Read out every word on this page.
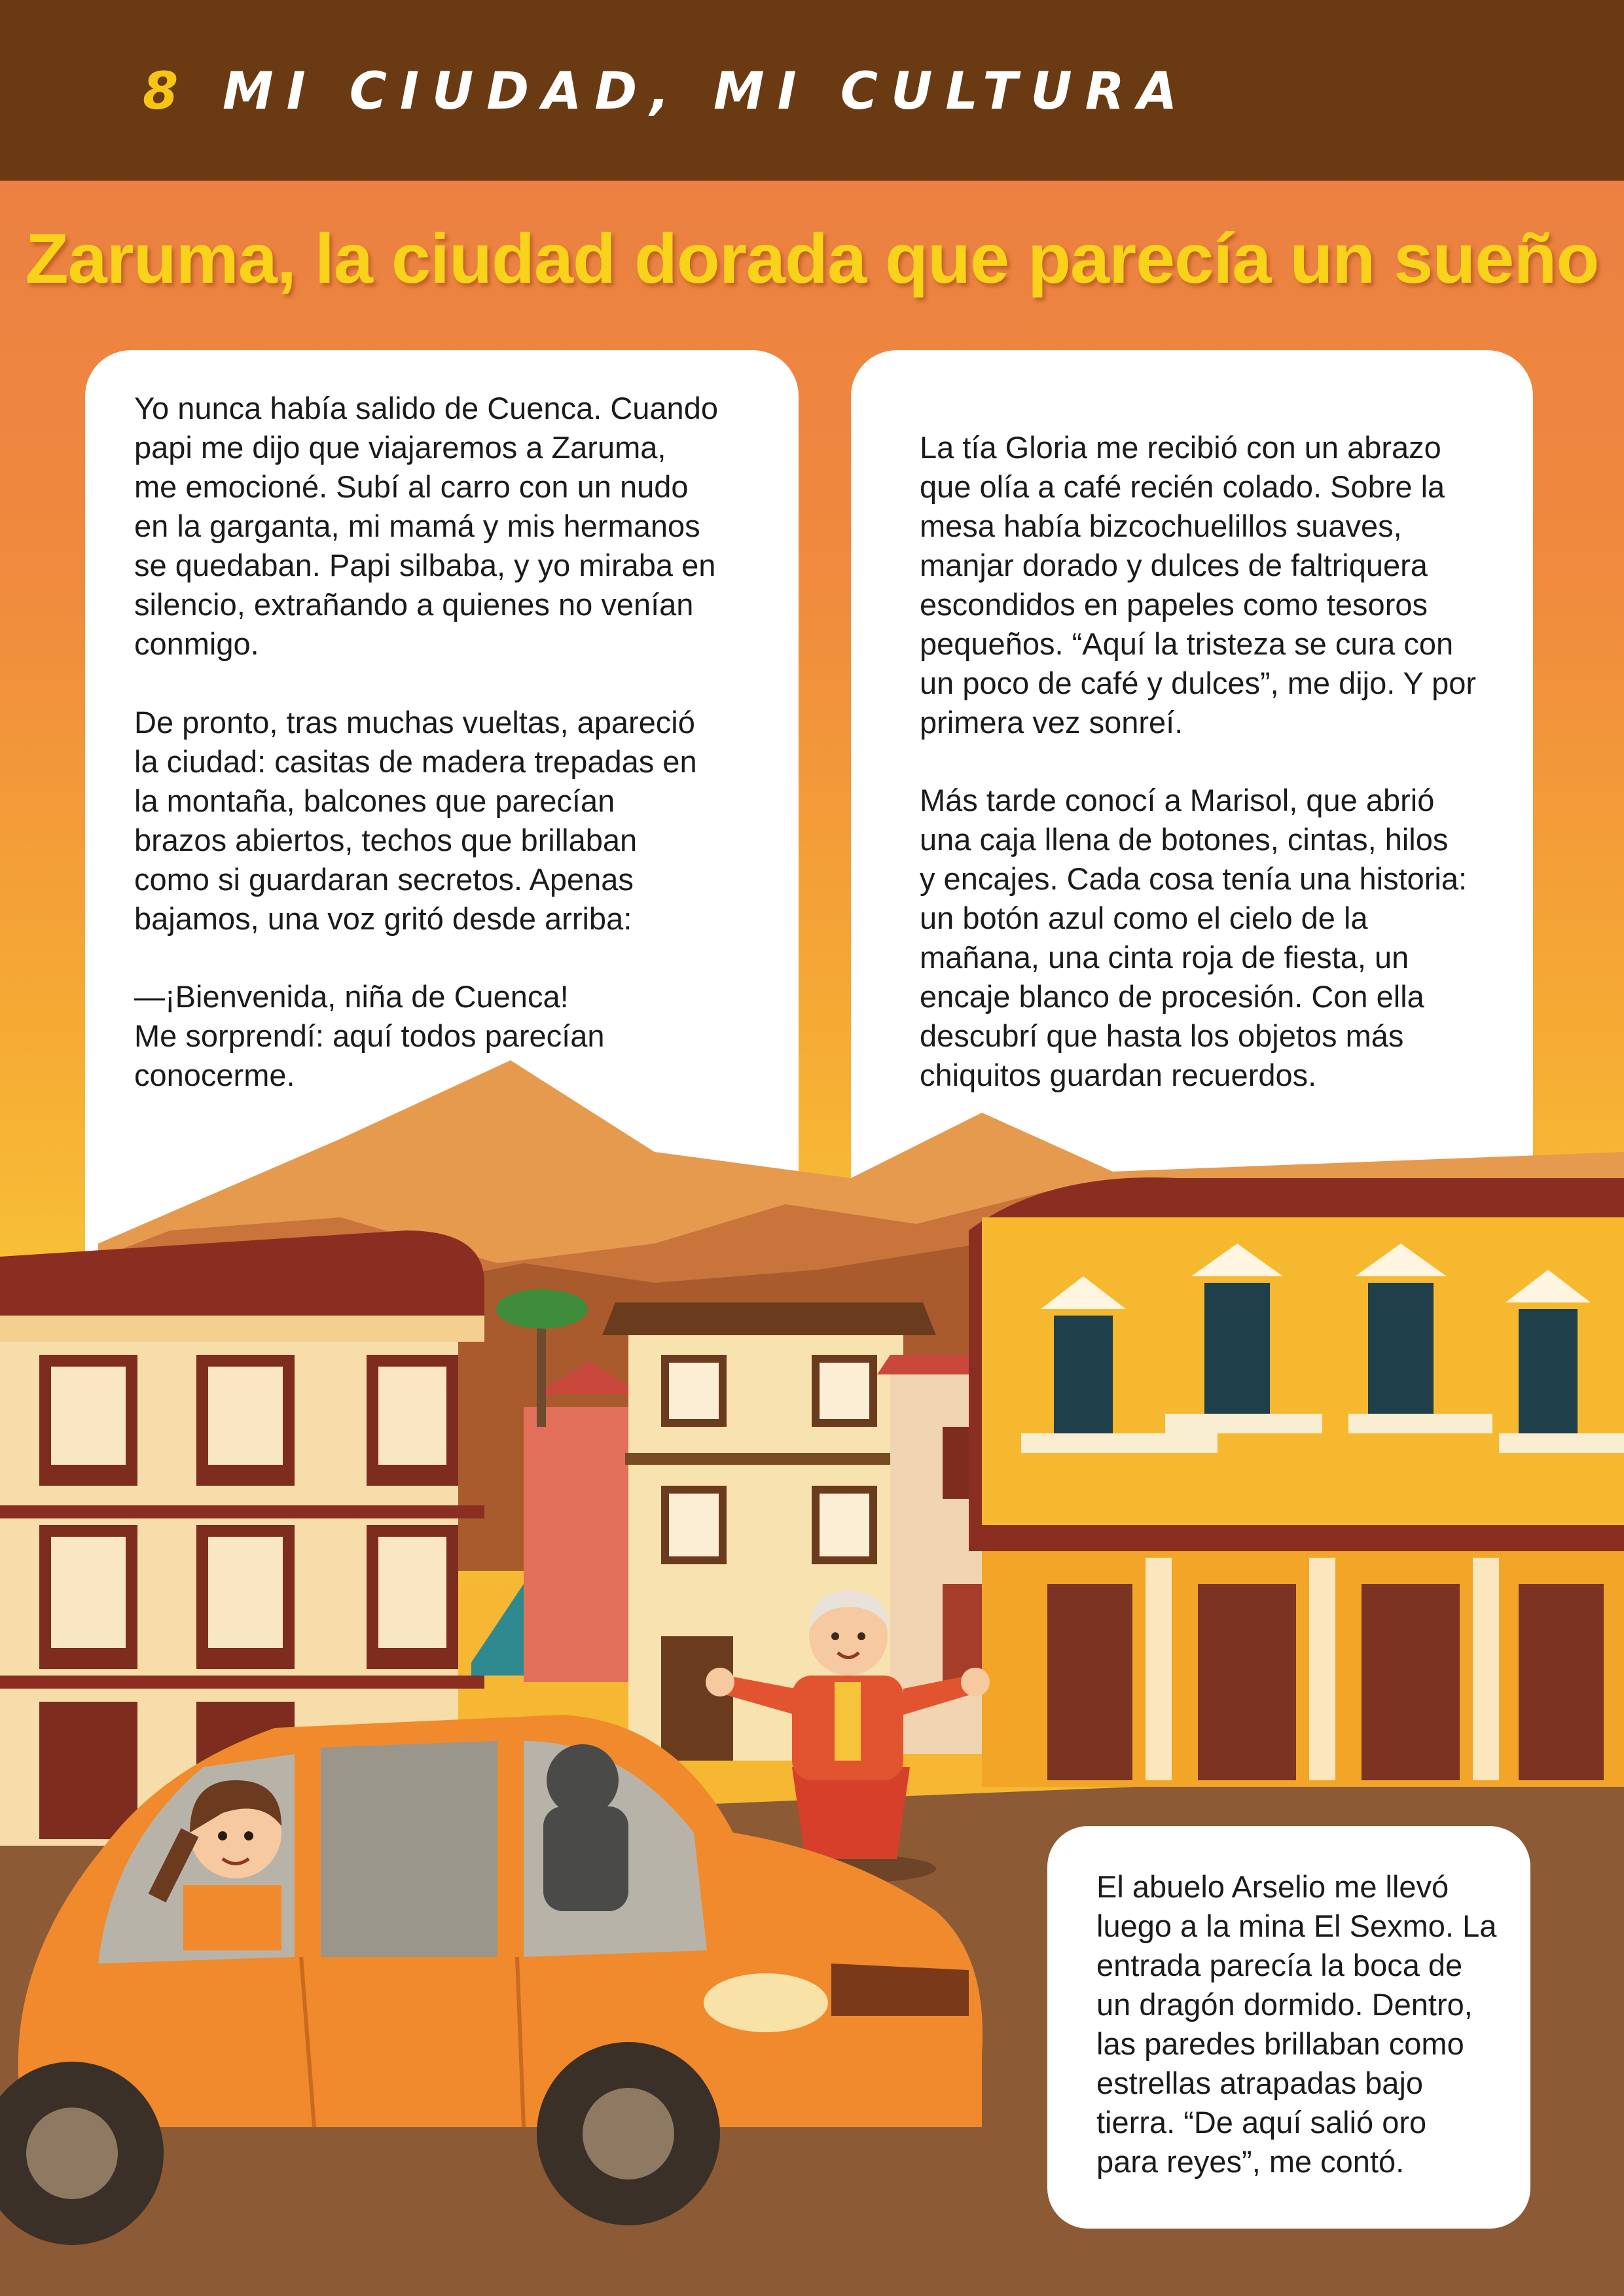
8 MI CIUDAD, MI CULTURA
Zaruma, la ciudad dorada que parecía un sueño

Yo nunca había salido de Cuenca. Cuando
papi me dijo que viajaremos a Zaruma,
me emocioné. Subí al carro con un nudo
en la garganta, mi mamá y mis hermanos
se quedaban. Papi silbaba, y yo miraba en
silencio, extrañando a quienes no venían
conmigo.

De pronto, tras muchas vueltas, apareció
la ciudad: casitas de madera trepadas en
la montaña, balcones que parecían
brazos abiertos, techos que brillaban
como si guardaran secretos. Apenas
bajamos, una voz gritó desde arriba:

—¡Bienvenida, niña de Cuenca!
Me sorprendí: aquí todos parecían
conocerme.

La tía Gloria me recibió con un abrazo
que olía a café recién colado. Sobre la
mesa había bizcochuelillos suaves,
manjar dorado y dulces de faltriquera
escondidos en papeles como tesoros
pequeños. “Aquí la tristeza se cura con
un poco de café y dulces”, me dijo. Y por
primera vez sonreí.

Más tarde conocí a Marisol, que abrió
una caja llena de botones, cintas, hilos
y encajes. Cada cosa tenía una historia:
un botón azul como el cielo de la
mañana, una cinta roja de fiesta, un
encaje blanco de procesión. Con ella
descubrí que hasta los objetos más
chiquitos guardan recuerdos.

El abuelo Arselio me llevó
luego a la mina El Sexmo. La
entrada parecía la boca de
un dragón dormido. Dentro,
las paredes brillaban como
estrellas atrapadas bajo
tierra. “De aquí salió oro
para reyes”, me contó.
